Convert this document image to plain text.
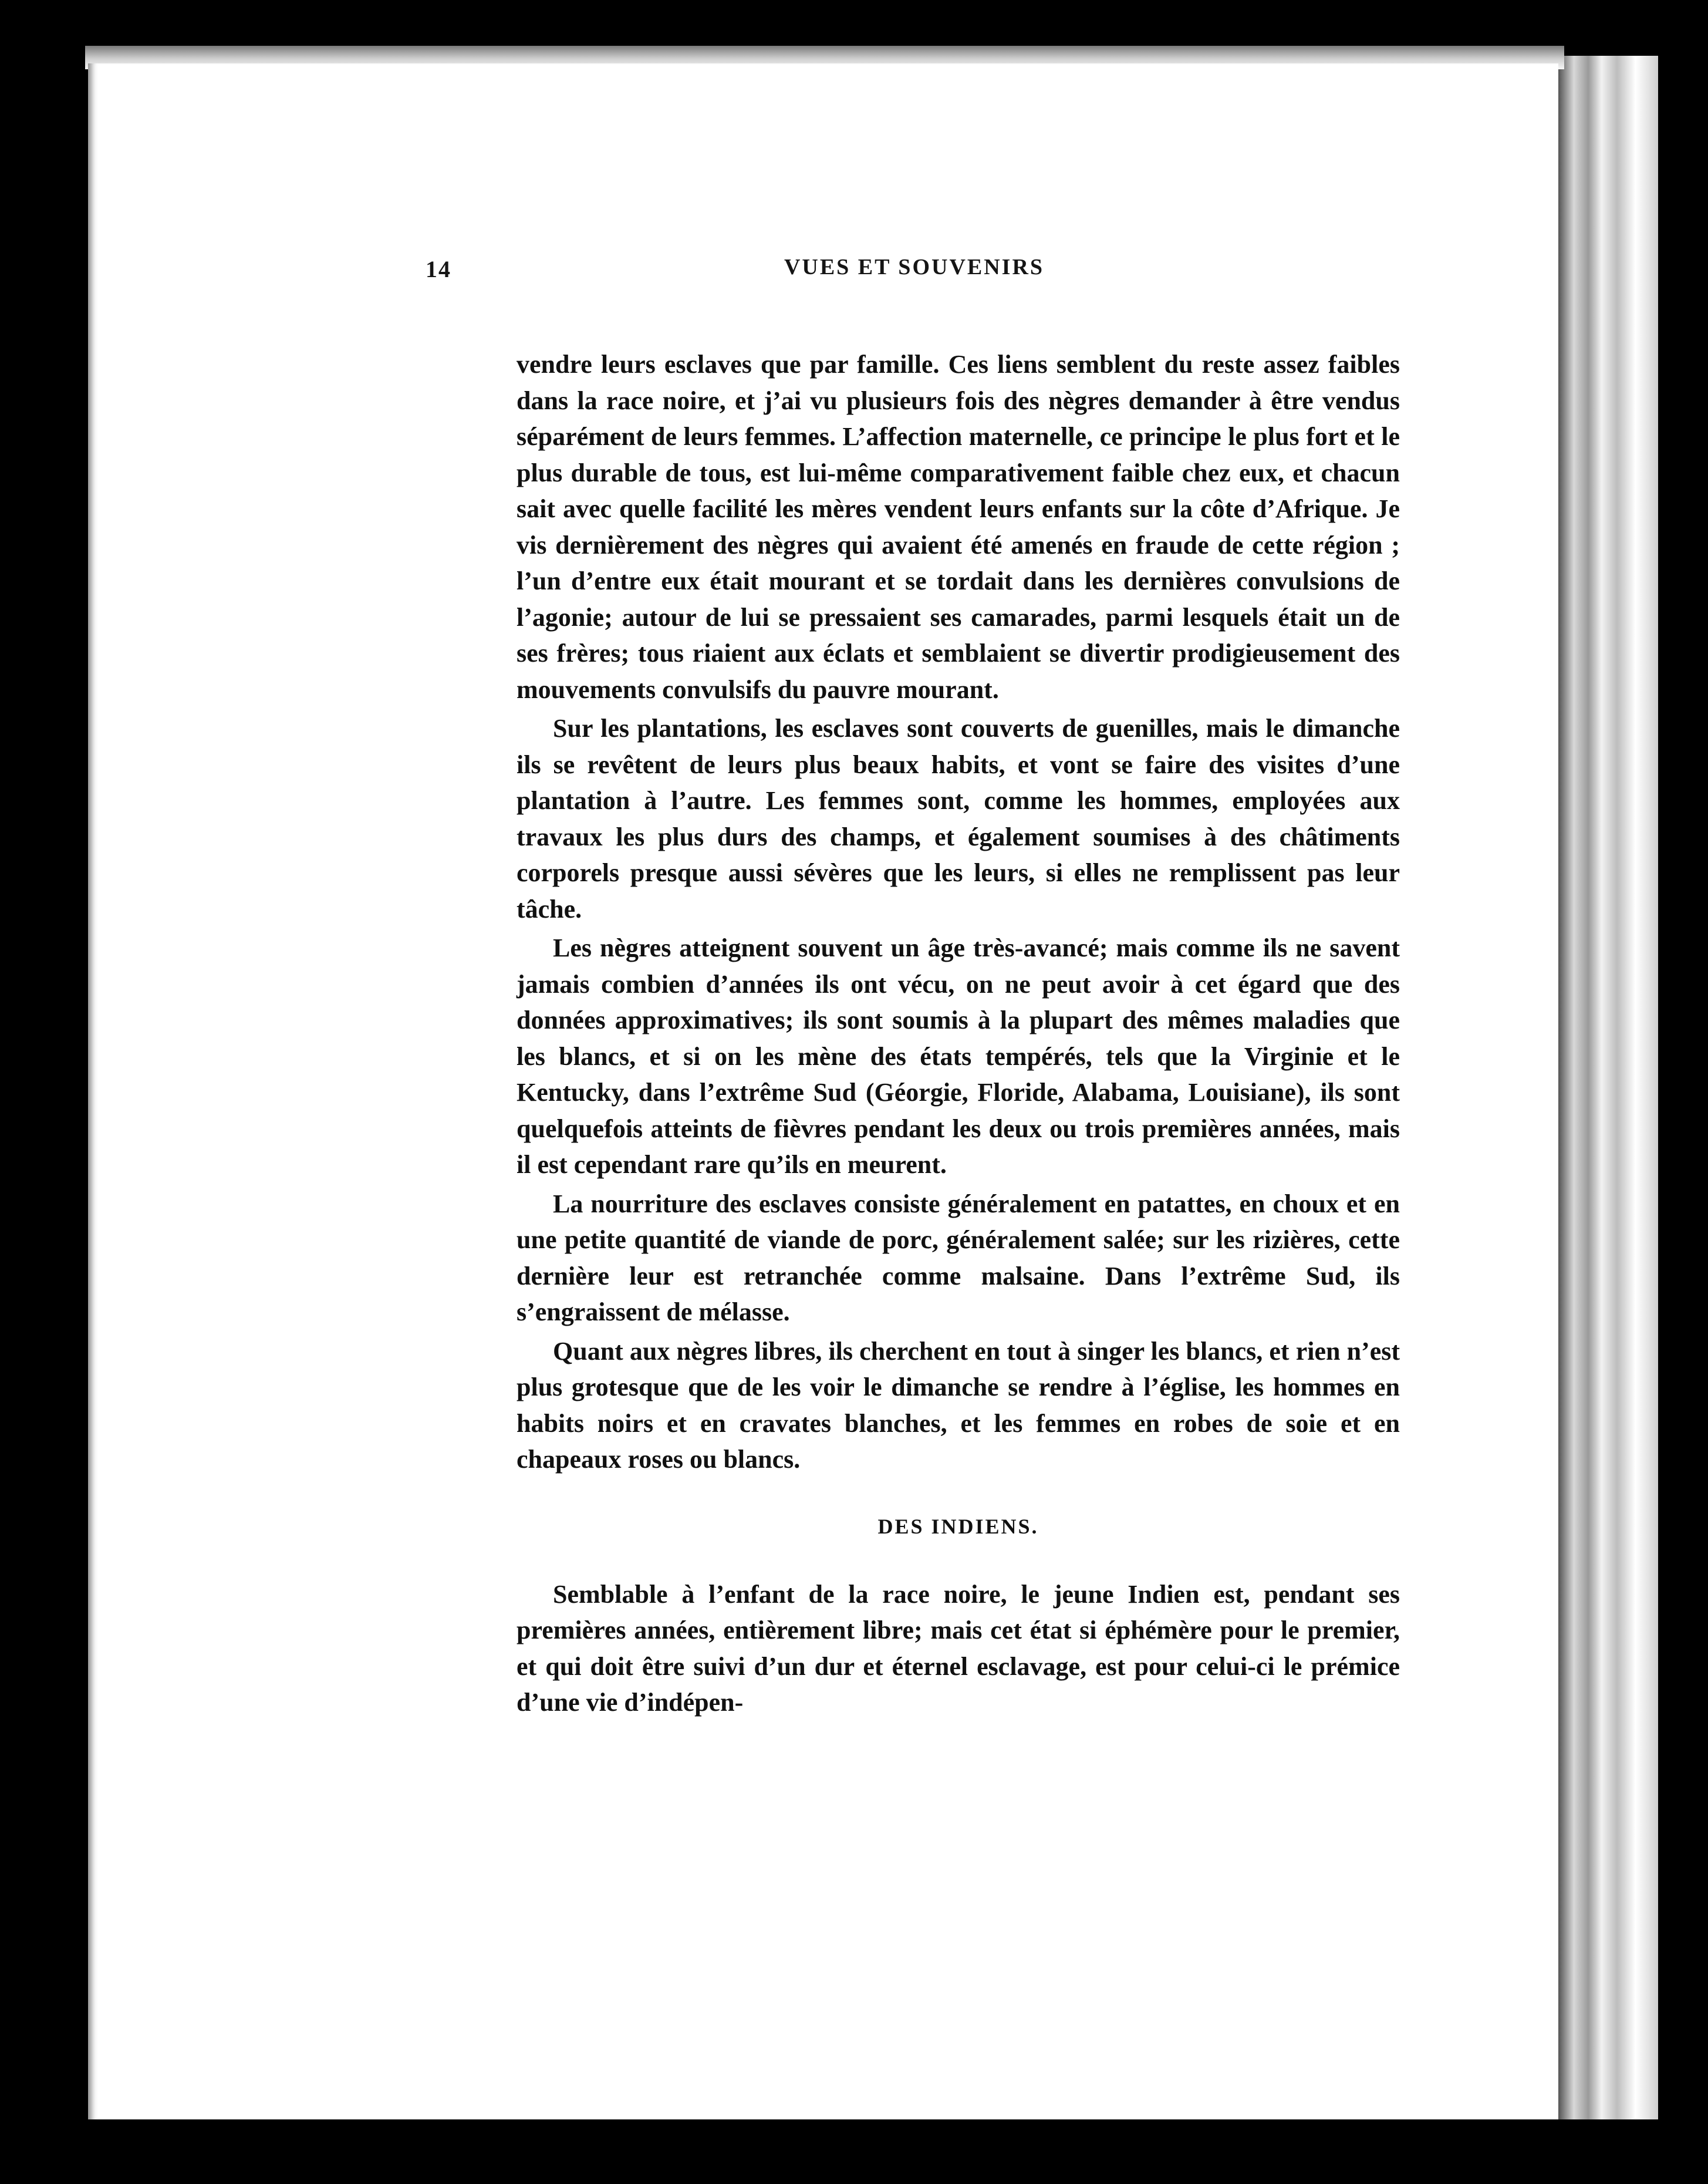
14	VUES ET SOUVENIRS

vendre leurs esclaves que par famille. Ces liens semblent du reste assez faibles dans la race noire, et j’ai vu plusieurs fois des nègres demander à être vendus séparément de leurs femmes. L’affection maternelle, ce principe le plus fort et le plus durable de tous, est lui-même comparativement faible chez eux, et chacun sait avec quelle facilité les mères vendent leurs enfants sur la côte d’Afrique. Je vis dernièrement des nègres qui avaient été amenés en fraude de cette région ; l’un d’entre eux était mourant et se tordait dans les dernières convulsions de l’agonie; autour de lui se pressaient ses camarades, parmi lesquels était un de ses frères; tous riaient aux éclats et semblaient se divertir prodigieusement des mouvements convulsifs du pauvre mourant.

Sur les plantations, les esclaves sont couverts de guenilles, mais le dimanche ils se revêtent de leurs plus beaux habits, et vont se faire des visites d’une plantation à l’autre. Les femmes sont, comme les hommes, employées aux travaux les plus durs des champs, et également soumises à des châtiments corporels presque aussi sévères que les leurs, si elles ne remplissent pas leur tâche.

Les nègres atteignent souvent un âge très-avancé; mais comme ils ne savent jamais combien d’années ils ont vécu, on ne peut avoir à cet égard que des données approximatives; ils sont soumis à la plupart des mêmes maladies que les blancs, et si on les mène des états tempérés, tels que la Virginie et le Kentucky, dans l’extrême Sud (Géorgie, Floride, Alabama, Louisiane), ils sont quelquefois atteints de fièvres pendant les deux ou trois premières années, mais il est cependant rare qu’ils en meurent.

La nourriture des esclaves consiste généralement en patattes, en choux et en une petite quantité de viande de porc, généralement salée; sur les rizières, cette dernière leur est retranchée comme malsaine. Dans l’extrême Sud, ils s’engraissent de mélasse.

Quant aux nègres libres, ils cherchent en tout à singer les blancs, et rien n’est plus grotesque que de les voir le dimanche se rendre à l’église, les hommes en habits noirs et en cravates blanches, et les femmes en robes de soie et en chapeaux roses ou blancs.

DES INDIENS.

Semblable à l’enfant de la race noire, le jeune Indien est, pendant ses premières années, entièrement libre; mais cet état si éphémère pour le premier, et qui doit être suivi d’un dur et éternel esclavage, est pour celui-ci le prémice d’une vie d’indépen-
